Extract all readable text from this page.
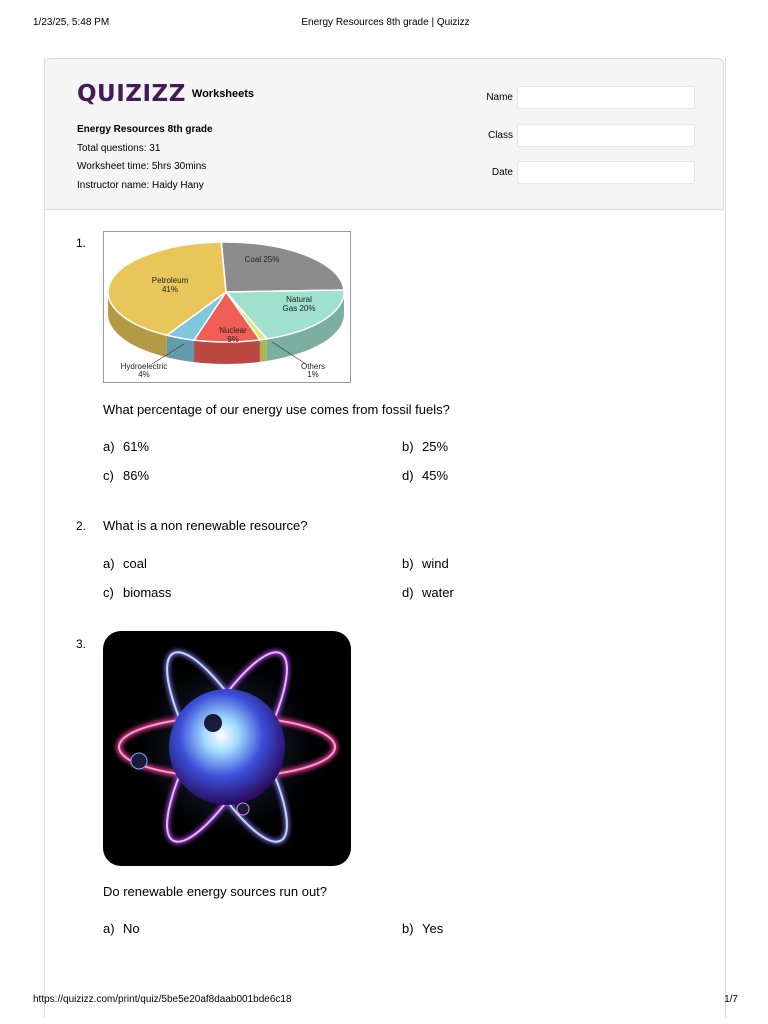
1/23/25, 5:48 PM	Energy Resources 8th grade | Quizizz
QUIZIZZ $^{Worksheets}$
Energy Resources 8th grade
Total questions: 31
Worksheet time: 5hrs 30mins
Instructor name: Haidy Hany
Name
Class
Date
1.
Coal 25%
Natural
Gas 20%
Nuclear
9%
Petroleum
41%
Hydroelectric
4%
Others
1%
What percentage of our energy use comes from fossil fuels?
a) 61%	b) 25%
c) 86%	d) 45%
2. What is a non renewable resource?
a) coal	b) wind
c) biomass	d) water
3.
Do renewable energy sources run out?
a) No	b) Yes
https://quizizz.com/print/quiz/5be5e20af8daab001bde6c18	1/7
